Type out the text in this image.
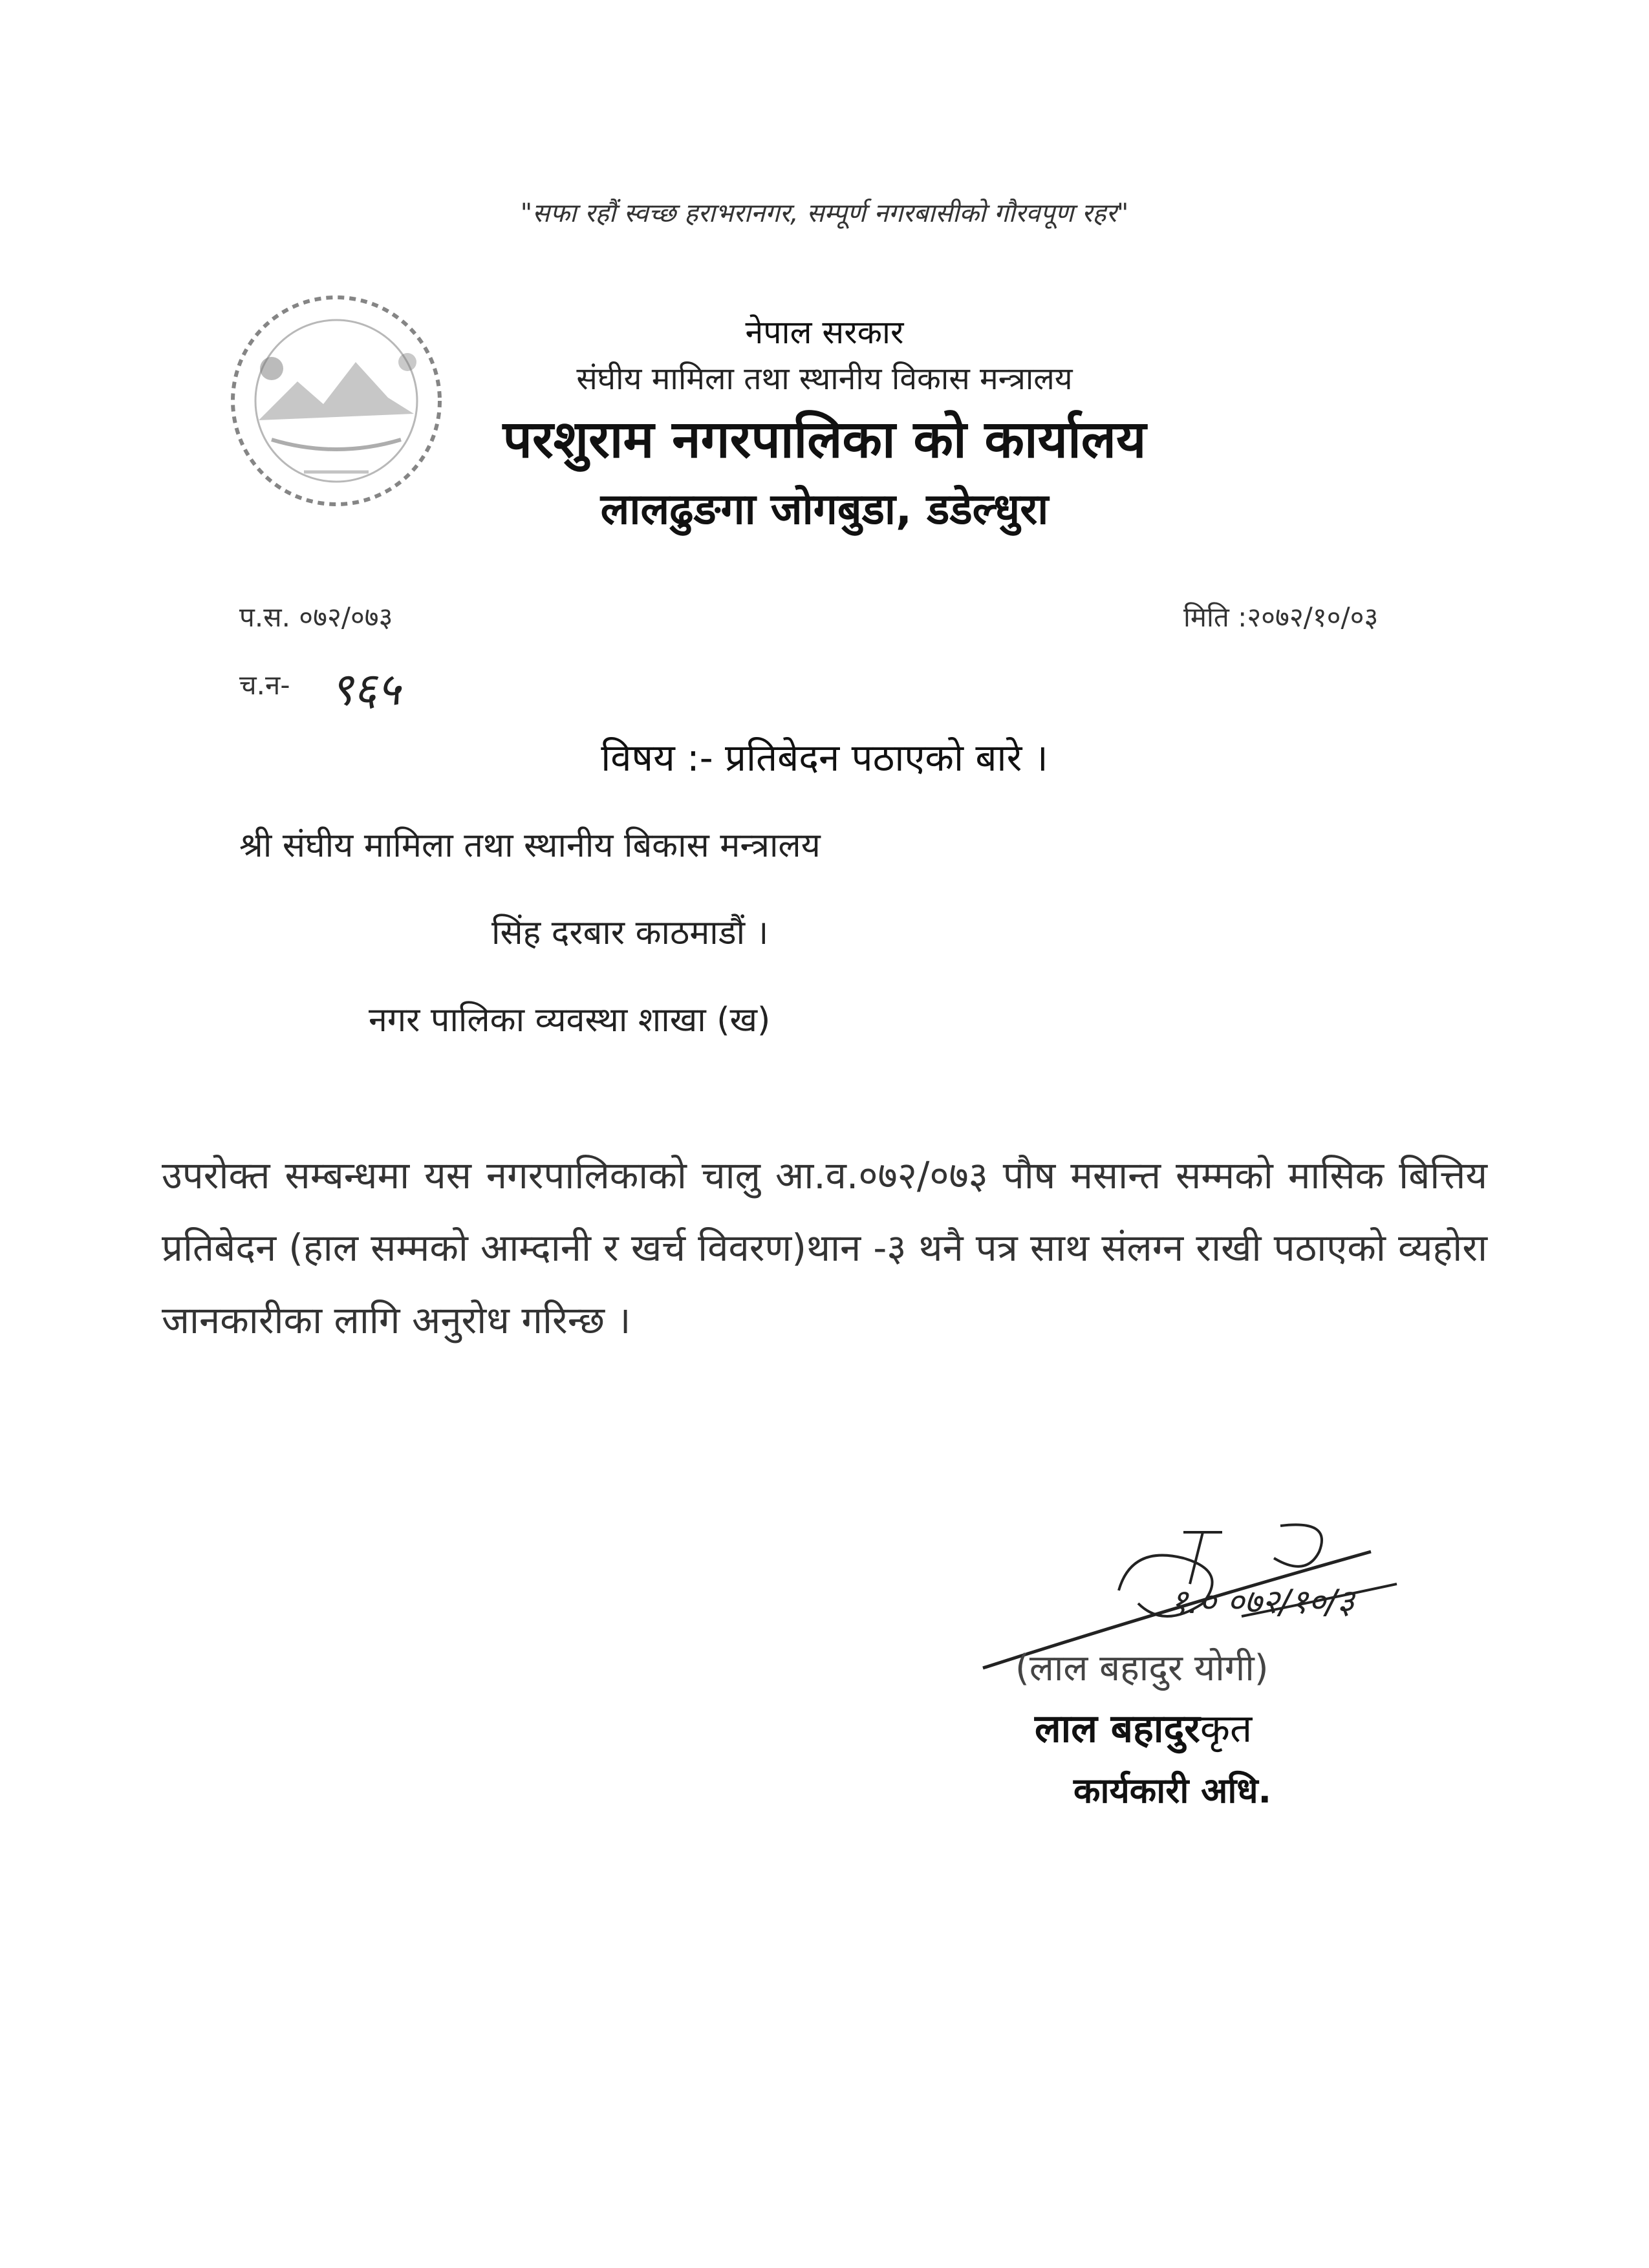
"सफा रहौं स्वच्छ हराभरानगर, सम्पूर्ण नगरबासीको गौरवपूण रहर"
नेपाल सरकार
संघीय मामिला तथा स्थानीय विकास मन्त्रालय
परशुराम नगरपालिका को कार्यालय
लालढुङगा जोगबुडा, डडेल्धुरा
प.स. ०७२/०७३
च.न- ९६५
मिति :२०७२/१०/०३
विषय :- प्रतिबेदन पठाएको बारे ।
श्री संघीय मामिला तथा स्थानीय बिकास मन्त्रालय
सिंह दरबार काठमाडौं ।
नगर पालिका व्यवस्था शाखा (ख)
उपरोक्त सम्बन्धमा यस नगरपालिकाको चालु आ.व.०७२/०७३ पौष मसान्त सम्मको मासिक बित्तिय प्रतिबेदन (हाल सम्मको आम्दानी र खर्च विवरण)थान -३ थनै पत्र साथ संलग्न राखी पठाएको व्यहोरा जानकारीका लागि अनुरोध गरिन्छ ।
१.० ०७२/१०/३
(लाल बहादुर योगी)
लाल बहादुरकृत
कार्यकारी अधि.
